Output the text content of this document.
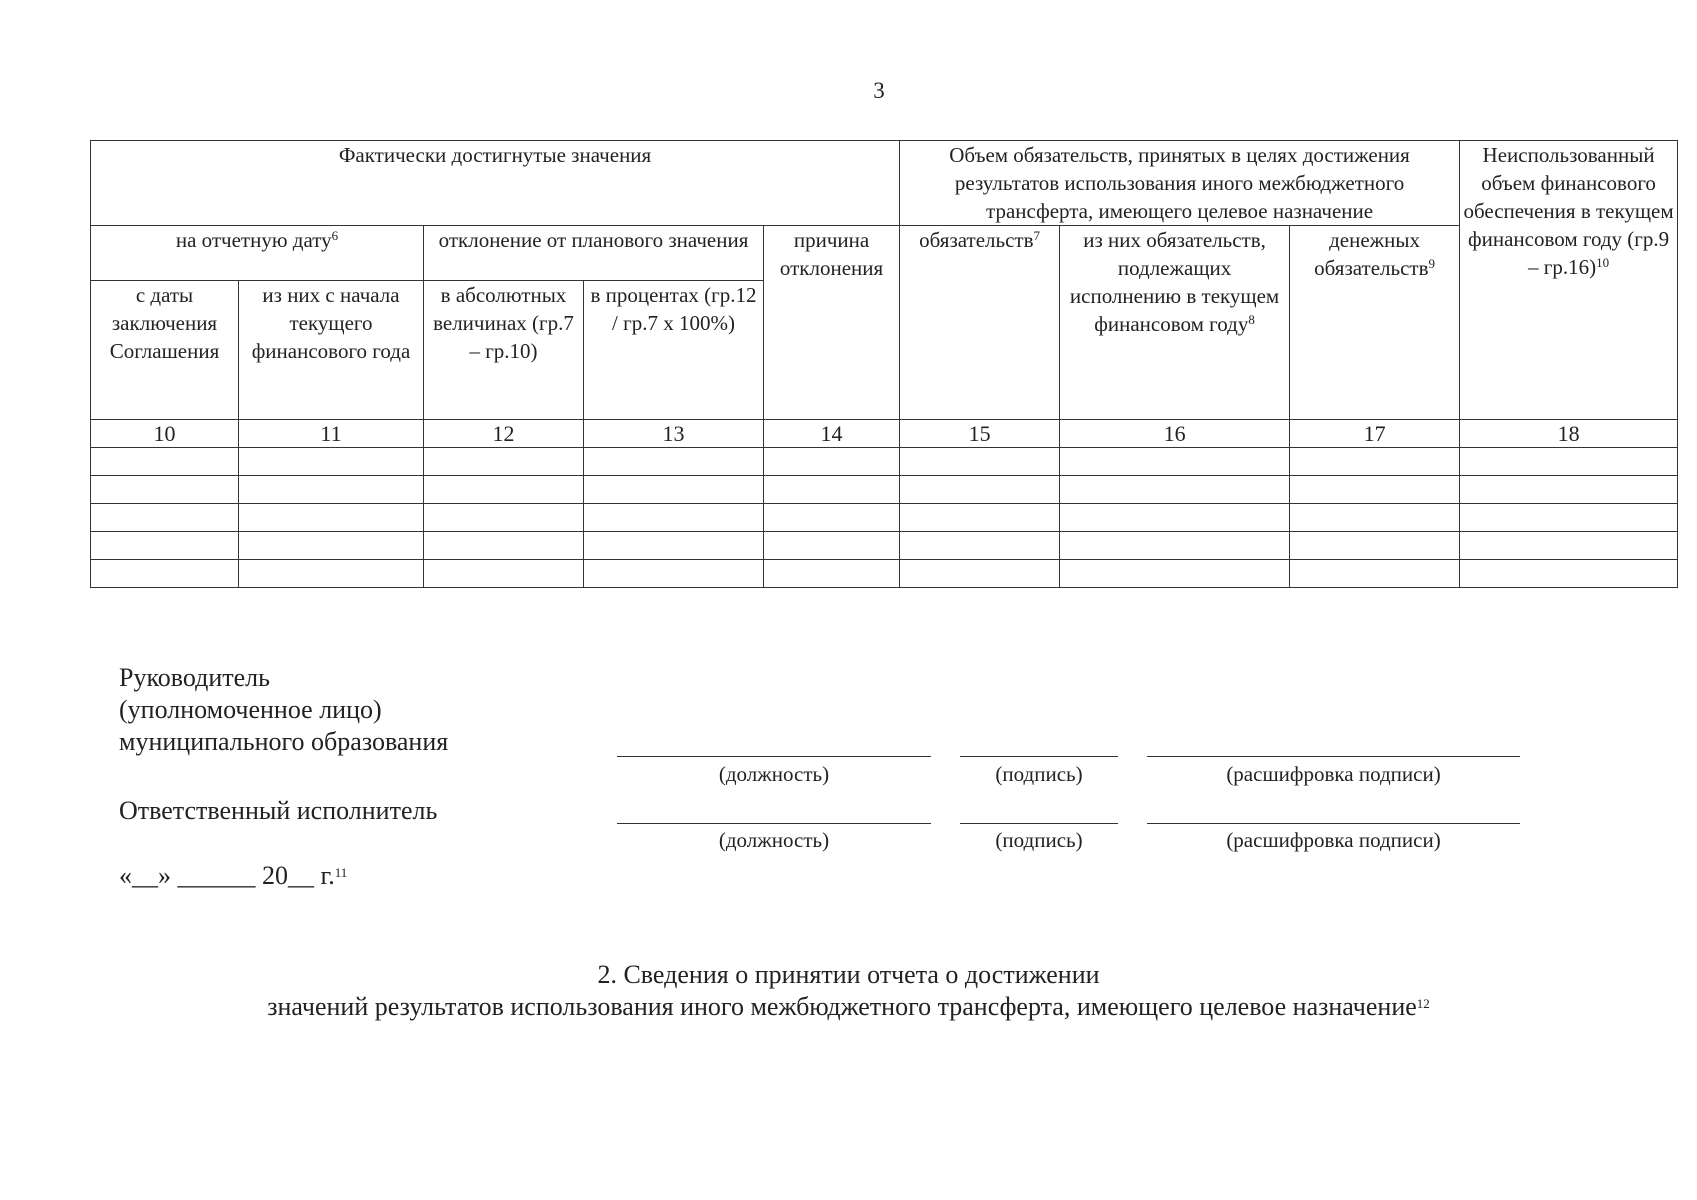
3
Фактически достигнутые значения					Объем обязательств, принятых в целях достижения результатов использования иного межбюджетного трансферта, имеющего целевое назначение			Неиспользованный объем финансового обеспечения в текущем финансовом году (гр.9 – гр.16)$^{10}$
на отчетную дату$^6$		отклонение от планового значения		причина отклонения	обязательств$^7$	из них обязательств, подлежащих исполнению в текущем финансовом году$^8$	денежных обязательств$^9$
с даты заключения Соглашения	из них с начала текущего финансового года	в абсолютных величинах (гр.7 – гр.10)	в процентах (гр.12 / гр.7 x 100%)					
10	11	12	13	14	15	16	17	18

Руководитель
(уполномоченное лицо)
муниципального образования
(должность)	(подпись)	(расшифровка подписи)
Ответственный исполнитель
(должность)	(подпись)	(расшифровка подписи)
«__» ______ 20__ г.$^{11}$
2. Сведения о принятии отчета о достижении
значений результатов использования иного межбюджетного трансферта, имеющего целевое назначение$^{12}$
